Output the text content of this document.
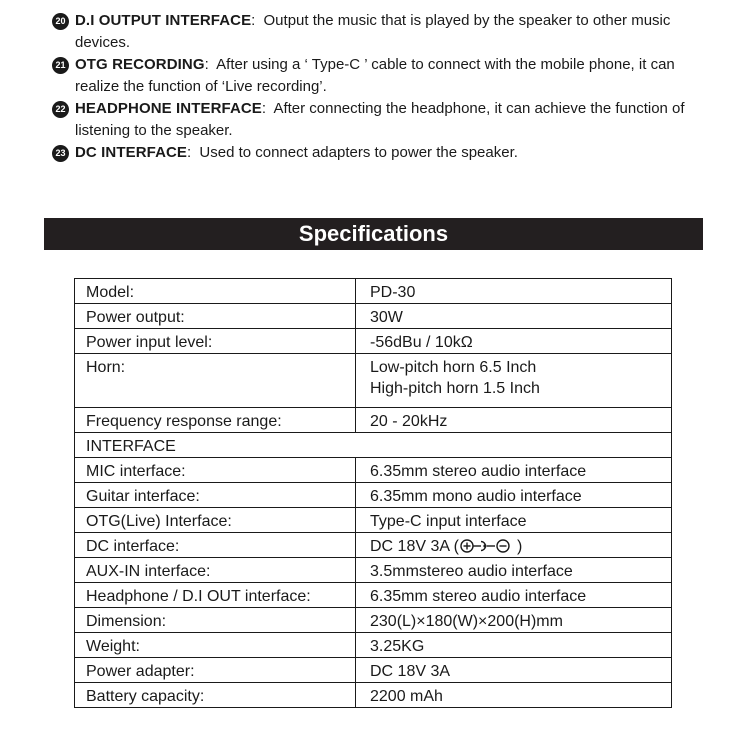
20 D.I OUTPUT INTERFACE: Output the music that is played by the speaker to other music devices.
21 OTG RECORDING: After using a ‘ Type-C ’ cable to connect with the mobile phone, it can realize the function of ‘Live recording’.
22 HEADPHONE INTERFACE: After connecting the headphone, it can achieve the function of listening to the speaker.
23 DC INTERFACE: Used to connect adapters to power the speaker.
Specifications
Model:	PD-30
Power output:	30W
Power input level:	-56dBu / 10kΩ
Horn:	Low-pitch horn 6.5 Inch
High-pitch horn 1.5 Inch

Frequency response range:	20 - 20kHz
INTERFACE	
MIC interface:	6.35mm stereo audio interface
Guitar interface:	6.35mm mono audio interface
OTG(Live) Interface:	Type-C input interface
DC interface:	DC 18V 3A ( )
AUX-IN interface:	3.5mmstereo audio interface
Headphone / D.I OUT interface:	6.35mm stereo audio interface
Dimension:	230(L)×180(W)×200(H)mm
Weight:	3.25KG
Power adapter:	DC 18V 3A
Battery capacity:	2200 mAh
